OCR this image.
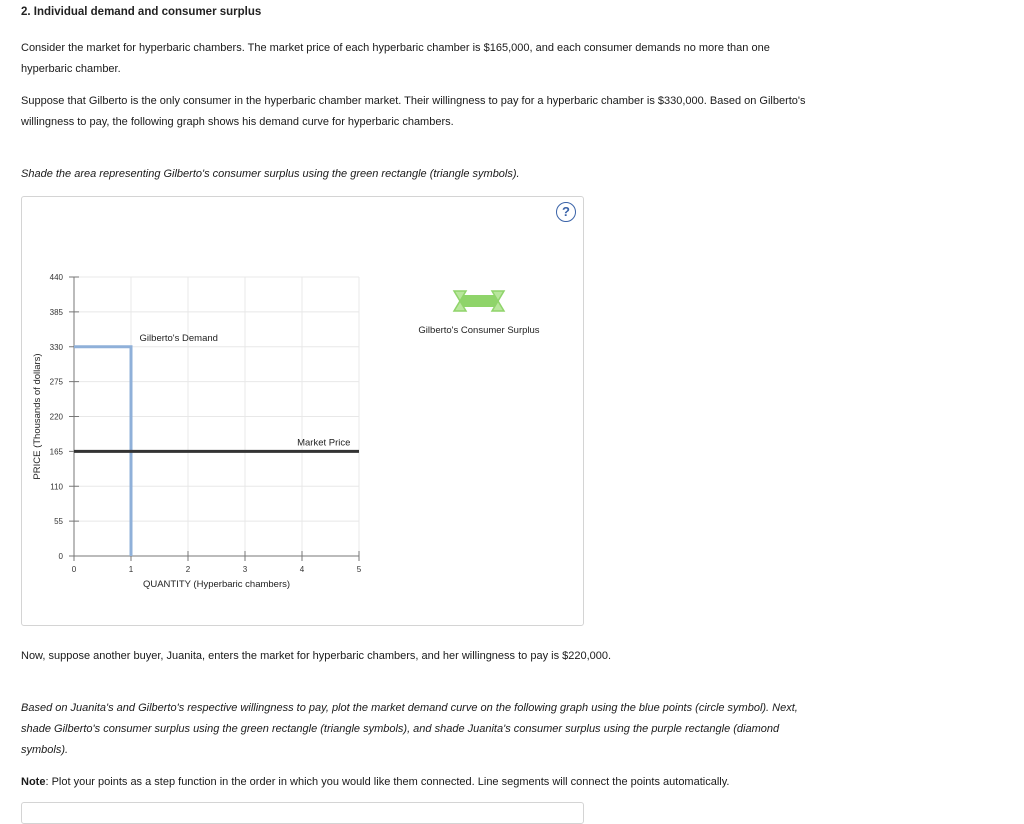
2. Individual demand and consumer surplus
Consider the market for hyperbaric chambers. The market price of each hyperbaric chamber is $165,000, and each consumer demands no more than one hyperbaric chamber.
Suppose that Gilberto is the only consumer in the hyperbaric chamber market. Their willingness to pay for a hyperbaric chamber is $330,000. Based on Gilberto's willingness to pay, the following graph shows his demand curve for hyperbaric chambers.
Shade the area representing Gilberto's consumer surplus using the green rectangle (triangle symbols).
?
0
55
110
165
220
275
330
385
440
0	1	2	3	4	5
QUANTITY (Hyperbaric chambers)
PRICE (Thousands of dollars)
Gilberto's Demand
Market Price
Gilberto's Consumer Surplus
Now, suppose another buyer, Juanita, enters the market for hyperbaric chambers, and her willingness to pay is $220,000.
Based on Juanita's and Gilberto's respective willingness to pay, plot the market demand curve on the following graph using the blue points (circle symbol). Next, shade Gilberto's consumer surplus using the green rectangle (triangle symbols), and shade Juanita's consumer surplus using the purple rectangle (diamond symbols).
Note: Plot your points as a step function in the order in which you would like them connected. Line segments will connect the points automatically.
